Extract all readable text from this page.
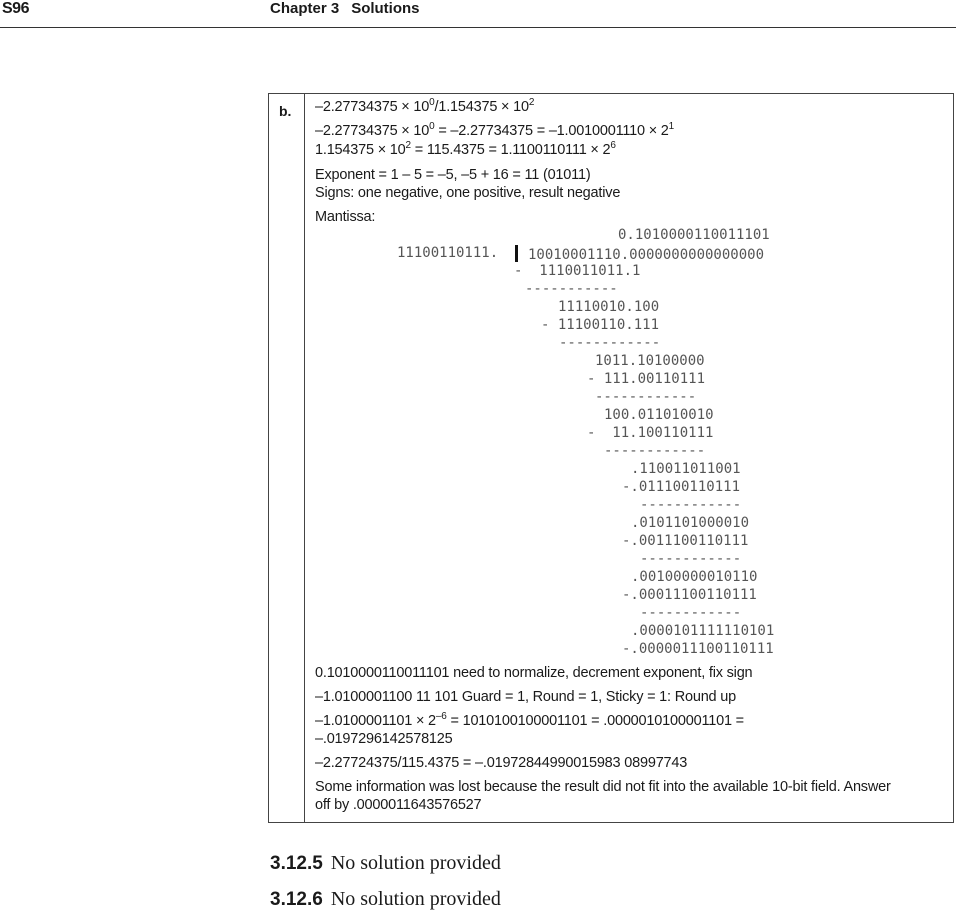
S96	Chapter 3 Solutions
b. $-2.27734375 \times 10^0/1.154375 \times 10^2$
$-2.27734375 \times 10^0 = -2.27734375 = -1.0010001110 \times 2^1$
$1.154375 \times 10^2 = 115.4375 = 1.1100110111 \times 2^6$
Exponent = 1 – 5 = –5, –5 + 16 = 11 (01011)
Signs: one negative, one positive, result negative
Mantissa:
0.1010000110011101
11100110111.	10010001110.0000000000000000
-  1110011011.1
-----------
11110010.100
- 11100110.111
------------
1011.10100000
- 111.00110111
------------
100.011010010
-  11.100110111
------------
.110011011001
-.011100110111
------------
.0101101000010
-.0011100110111
------------
.00100000010110
-.00011100110111
------------
.0000101111110101
-.0000011100110111
0.1010000110011101 need to normalize, decrement exponent, fix sign
–1.0100001100 11 101 Guard = 1, Round = 1, Sticky = 1: Round up
$-1.0100001101 \times 2^{-6} = 1010100100001101 = .0000010100001101$ =
–.0197296142578125
–2.27724375/115.4375 = –.01972844990015983 08997743
Some information was lost because the result did not fit into the available 10-bit field. Answer
off by .0000011643576527
3.12.5 No solution provided
3.12.6 No solution provided
